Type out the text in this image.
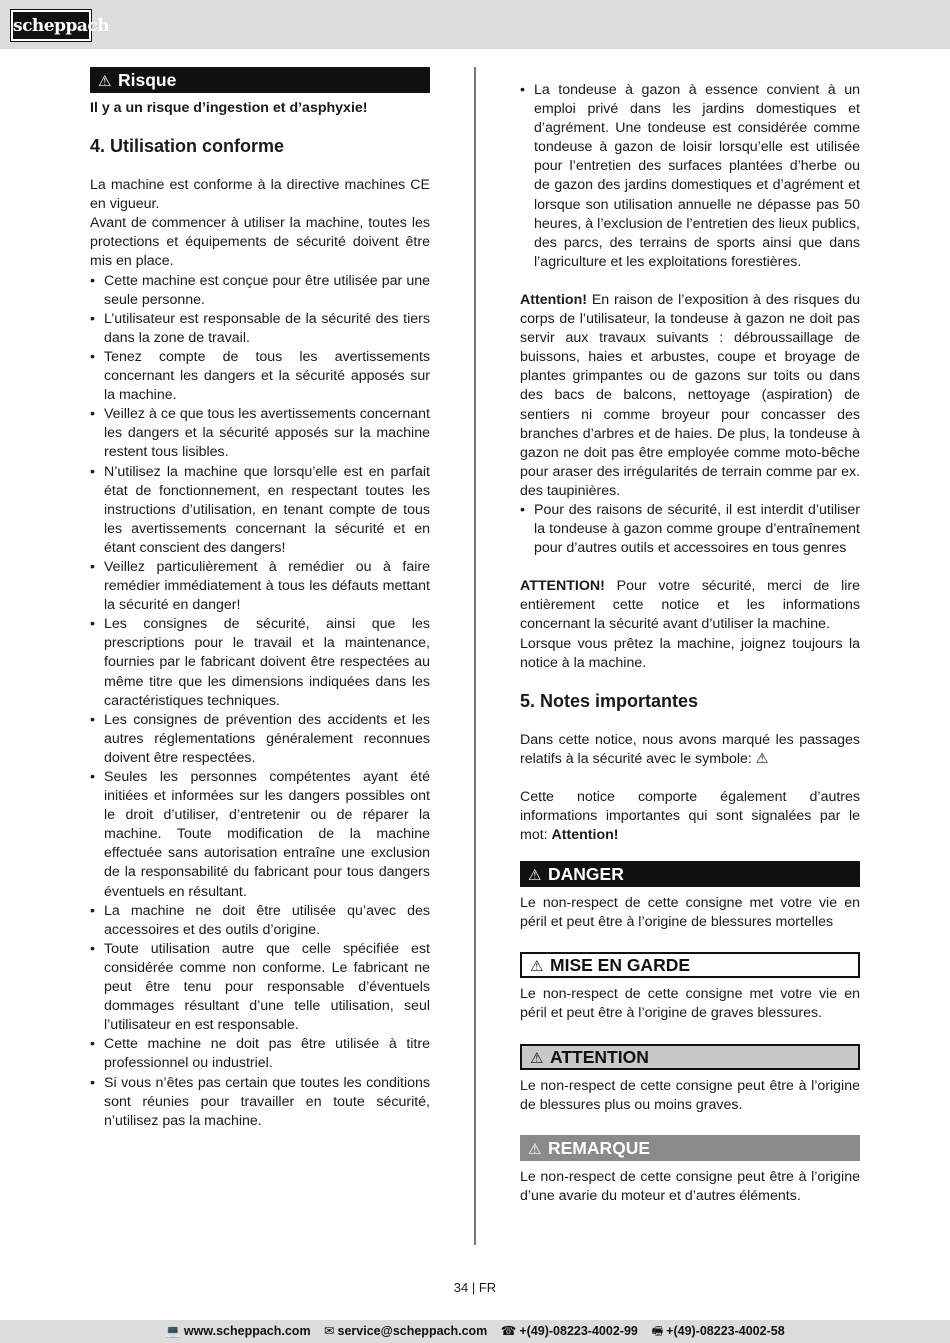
scheppach
⚠ Risque

Il y a un risque d’ingestion et d’asphyxie!

4. Utilisation conforme

La machine est conforme à la directive machines CE en vigueur.

Avant de commencer à utiliser la machine, toutes les protections et équipements de sécurité doivent être mis en place.

• Cette machine est conçue pour être utilisée par une seule personne.
• L’utilisateur est responsable de la sécurité des tiers dans la zone de travail.
• Tenez compte de tous les avertissements concernant les dangers et la sécurité apposés sur la machine.
• Veillez à ce que tous les avertissements concernant les dangers et la sécurité apposés sur la machine restent tous lisibles.
• N’utilisez la machine que lorsqu’elle est en parfait état de fonctionnement, en respectant toutes les instructions d’utilisation, en tenant compte de tous les avertissements concernant la sécurité et en étant conscient des dangers!
• Veillez particulièrement à remédier ou à faire remédier immédiatement à tous les défauts mettant la sécurité en danger!
• Les consignes de sécurité, ainsi que les prescriptions pour le travail et la maintenance, fournies par le fabricant doivent être respectées au même titre que les dimensions indiquées dans les caractéristiques techniques.
• Les consignes de prévention des accidents et les autres réglementations généralement reconnues doivent être respectées.
• Seules les personnes compétentes ayant été initiées et informées sur les dangers possibles ont le droit d’utiliser, d’entretenir ou de réparer la machine. Toute modification de la machine effectuée sans autorisation entraîne une exclusion de la responsabilité du fabricant pour tous dangers éventuels en résultant.
• La machine ne doit être utilisée qu’avec des accessoires et des outils d’origine.
• Toute utilisation autre que celle spécifiée est considérée comme non conforme. Le fabricant ne peut être tenu pour responsable d’éventuels dommages résultant d’une telle utilisation, seul l’utilisateur en est responsable.
• Cette machine ne doit pas être utilisée à titre professionnel ou industriel.
• Si vous n’êtes pas certain que toutes les conditions sont réunies pour travailler en toute sécurité, n’utilisez pas la machine.
• La tondeuse à gazon à essence convient à un emploi privé dans les jardins domestiques et d’agrément. Une tondeuse est considérée comme tondeuse à gazon de loisir lorsqu’elle est utilisée pour l’entretien des surfaces plantées d’herbe ou de gazon des jardins domestiques et d’agrément et lorsque son utilisation annuelle ne dépasse pas 50 heures, à l’exclusion de l’entretien des lieux publics, des parcs, des terrains de sports ainsi que dans l’agriculture et les exploitations forestières.

Attention! En raison de l’exposition à des risques du corps de l’utilisateur, la tondeuse à gazon ne doit pas servir aux travaux suivants : débroussaillage de buissons, haies et arbustes, coupe et broyage de plantes grimpantes ou de gazons sur toits ou dans des bacs de balcons, nettoyage (aspiration) de sentiers ni comme broyeur pour concasser des branches d’arbres et de haies. De plus, la tondeuse à gazon ne doit pas être employée comme moto-bêche pour araser des irrégularités de terrain comme par ex. des taupinières.

• Pour des raisons de sécurité, il est interdit d’utiliser la tondeuse à gazon comme groupe d’entraînement pour d’autres outils et accessoires en tous genres

ATTENTION! Pour votre sécurité, merci de lire entièrement cette notice et les informations concernant la sécurité avant d’utiliser la machine.

Lorsque vous prêtez la machine, joignez toujours la notice à la machine.

5. Notes importantes

Dans cette notice, nous avons marqué les passages relatifs à la sécurité avec le symbole: ⚠

Cette notice comporte également d’autres informations importantes qui sont signalées par le mot: Attention!

⚠ DANGER

Le non-respect de cette consigne met votre vie en péril et peut être à l’origine de blessures mortelles

⚠ MISE EN GARDE

Le non-respect de cette consigne met votre vie en péril et peut être à l’origine de graves blessures.

⚠ ATTENTION

Le non-respect de cette consigne peut être à l’origine de blessures plus ou moins graves.

⚠ REMARQUE

Le non-respect de cette consigne peut être à l’origine d’une avarie du moteur et d’autres éléments.

34 | FR
💻 www.scheppach.com ✉ service@scheppach.com ☎ +(49)-08223-4002-99 🖷 +(49)-08223-4002-58
